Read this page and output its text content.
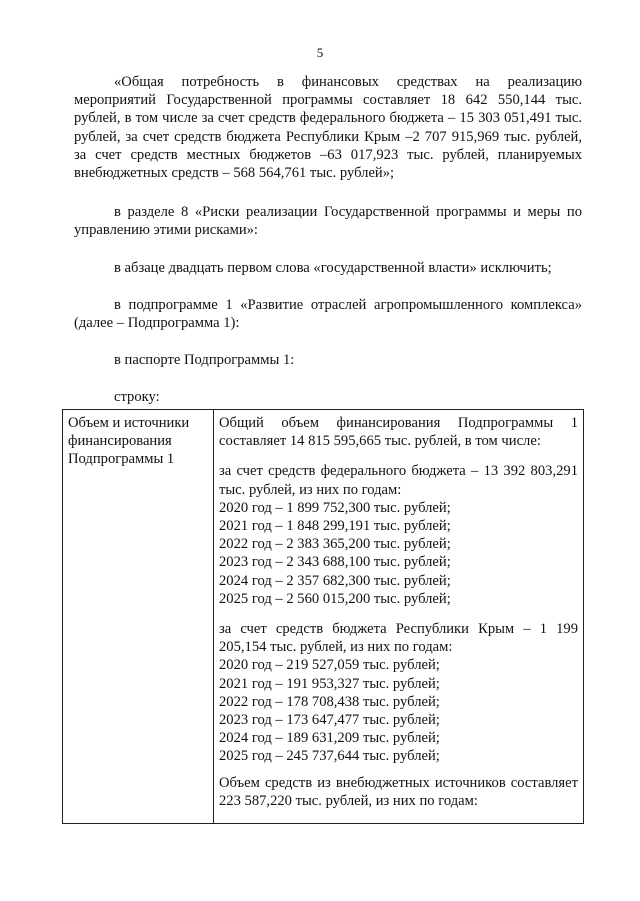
5

«Общая потребность в финансовых средствах на реализацию мероприятий Государственной программы составляет 18 642 550,144 тыс. рублей, в том числе за счет средств федерального бюджета – 15 303 051,491 тыс. рублей, за счет средств бюджета Республики Крым –2 707 915,969 тыс. рублей, за счет средств местных бюджетов –63 017,923 тыс. рублей, планируемых внебюджетных средств – 568 564,761 тыс. рублей»;

в разделе 8 «Риски реализации Государственной программы и меры по управлению этими рисками»:

в абзаце двадцать первом слова «государственной власти» исключить;

в подпрограмме 1 «Развитие отраслей агропромышленного комплекса» (далее – Подпрограмма 1):

в паспорте Подпрограммы 1:

строку:

Объем и источники финансирования Подпрограммы 1	
Общий объем финансирования Подпрограммы 1 составляет 14 815 595,665 тыс. рублей, в том числе:
за счет средств федерального бюджета – 13 392 803,291 тыс. рублей, из них по годам:
2020 год – 1 899 752,300 тыс. рублей;
2021 год – 1 848 299,191 тыс. рублей;
2022 год – 2 383 365,200 тыс. рублей;
2023 год – 2 343 688,100 тыс. рублей;
2024 год – 2 357 682,300 тыс. рублей;
2025 год – 2 560 015,200 тыс. рублей;
за счет средств бюджета Республики Крым – 1 199 205,154 тыс. рублей, из них по годам:
2020 год – 219 527,059 тыс. рублей;
2021 год – 191 953,327 тыс. рублей;
2022 год – 178 708,438 тыс. рублей;
2023 год – 173 647,477 тыс. рублей;
2024 год – 189 631,209 тыс. рублей;
2025 год – 245 737,644 тыс. рублей;
Объем средств из внебюджетных источников составляет 223 587,220 тыс. рублей, из них по годам:
